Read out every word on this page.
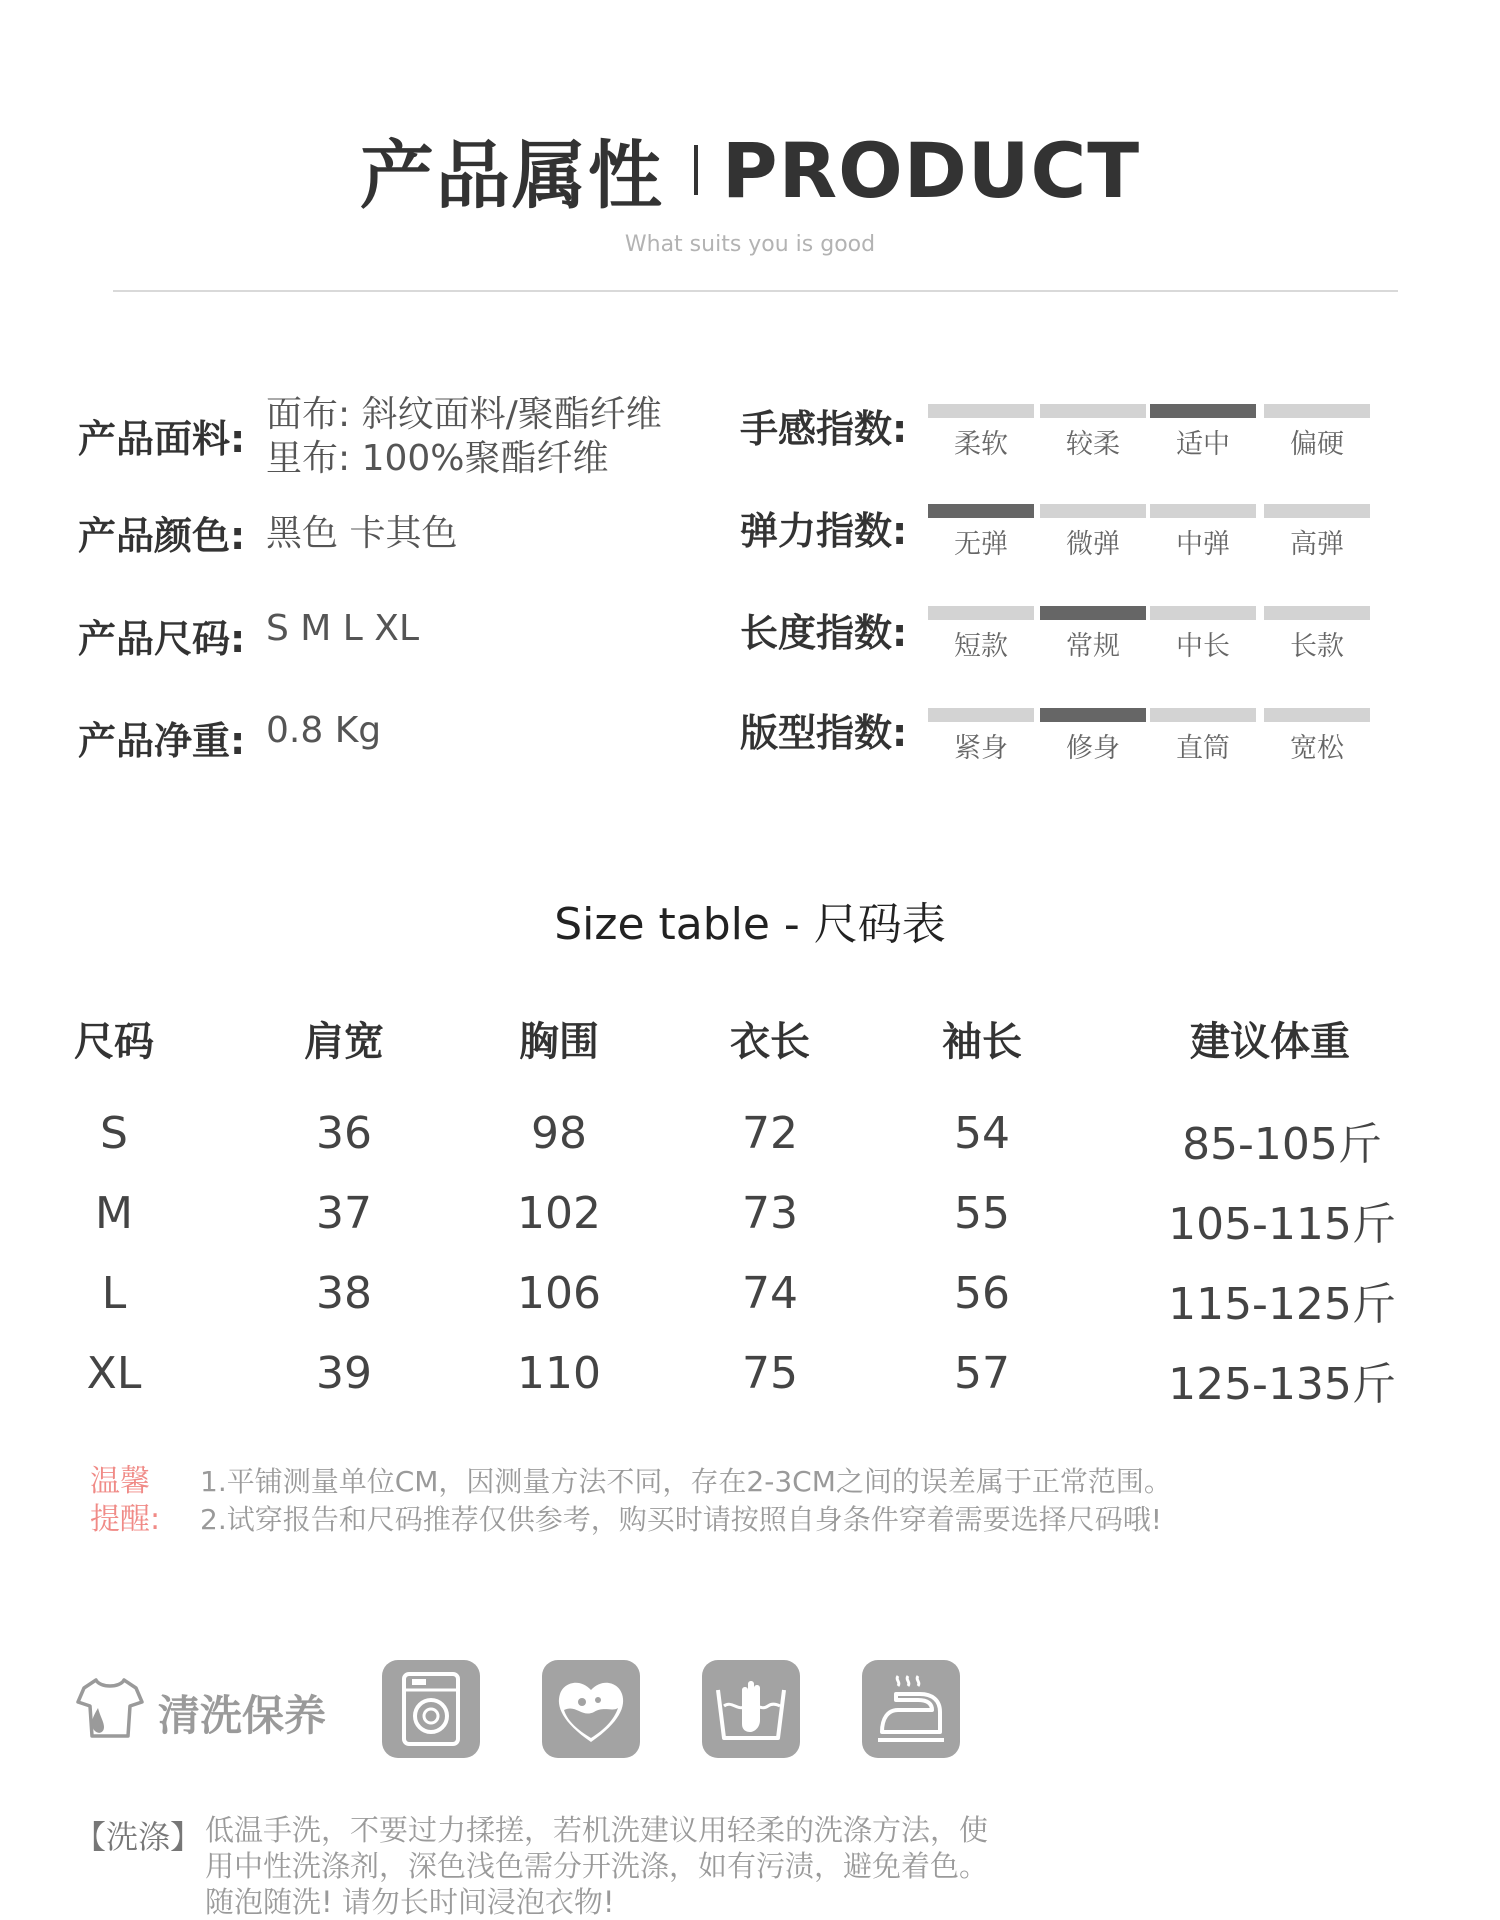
产品属性 PRODUCT
What suits you is good
产品面料:
面布: 斜纹面料/聚酯纤维
里布: 100%聚酯纤维
产品颜色: 黑色 卡其色
产品尺码: S M L XL
产品净重: 0.8 Kg
手感指数:	柔软	较柔	适中	偏硬
弹力指数:	无弹	微弹	中弹	高弹
长度指数:	短款	常规	中长	长款
版型指数:	紧身	修身	直筒	宽松
Size table - 尺码表
尺码	肩宽	胸围	衣长	袖长	建议体重
S	36	98	72	54	85-105斤
M	37	102	73	55	105-115斤
L	38	106	74	56	115-125斤
XL	39	110	75	57	125-135斤
温馨
提醒:
1.平铺测量单位CM，因测量方法不同，存在2-3CM之间的误差属于正常范围。
2.试穿报告和尺码推荐仅供参考，购买时请按照自身条件穿着需要选择尺码哦!
清洗保养
【洗涤】 低温手洗，不要过力揉搓，若机洗建议用轻柔的洗涤方法，使
用中性洗涤剂，深色浅色需分开洗涤，如有污渍，避免着色。
随泡随洗! 请勿长时间浸泡衣物!
